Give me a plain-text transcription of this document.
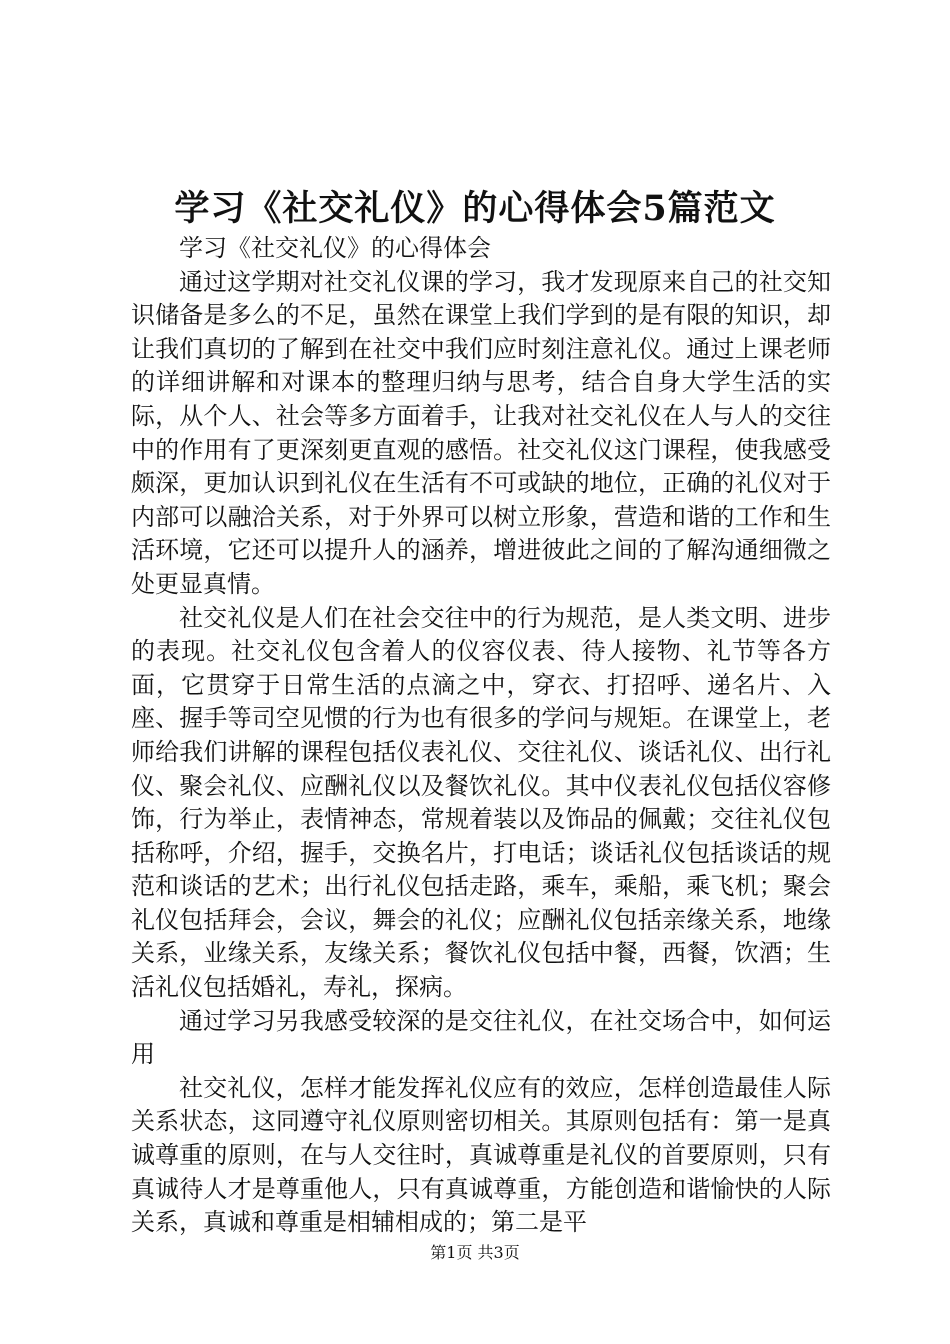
学习《社交礼仪》的心得体会5篇范文

学习《社交礼仪》的心得体会

通过这学期对社交礼仪课的学习，我才发现原来自己的社交知识储备是多么的不足，虽然在课堂上我们学到的是有限的知识，却让我们真切的了解到在社交中我们应时刻注意礼仪。通过上课老师的详细讲解和对课本的整理归纳与思考，结合自身大学生活的实际，从个人、社会等多方面着手，让我对社交礼仪在人与人的交往中的作用有了更深刻更直观的感悟。社交礼仪这门课程，使我感受颇深，更加认识到礼仪在生活有不可或缺的地位，正确的礼仪对于内部可以融洽关系，对于外界可以树立形象，营造和谐的工作和生活环境，它还可以提升人的涵养，增进彼此之间的了解沟通细微之处更显真情。

社交礼仪是人们在社会交往中的行为规范，是人类文明、进步的表现。社交礼仪包含着人的仪容仪表、待人接物、礼节等各方面，它贯穿于日常生活的点滴之中，穿衣、打招呼、递名片、入座、握手等司空见惯的行为也有很多的学问与规矩。在课堂上，老师给我们讲解的课程包括仪表礼仪、交往礼仪、谈话礼仪、出行礼仪、聚会礼仪、应酬礼仪以及餐饮礼仪。其中仪表礼仪包括仪容修饰，行为举止，表情神态，常规着装以及饰品的佩戴；交往礼仪包括称呼，介绍，握手，交换名片，打电话；谈话礼仪包括谈话的规范和谈话的艺术；出行礼仪包括走路，乘车，乘船，乘飞机；聚会礼仪包括拜会，会议，舞会的礼仪；应酬礼仪包括亲缘关系，地缘关系，业缘关系，友缘关系；餐饮礼仪包括中餐，西餐，饮酒；生活礼仪包括婚礼，寿礼，探病。

通过学习另我感受较深的是交往礼仪，在社交场合中，如何运用

社交礼仪，怎样才能发挥礼仪应有的效应，怎样创造最佳人际关系状态，这同遵守礼仪原则密切相关。其原则包括有：第一是真诚尊重的原则，在与人交往时，真诚尊重是礼仪的首要原则，只有真诚待人才是尊重他人，只有真诚尊重，方能创造和谐愉快的人际关系，真诚和尊重是相辅相成的；第二是平

第1页 共3页
